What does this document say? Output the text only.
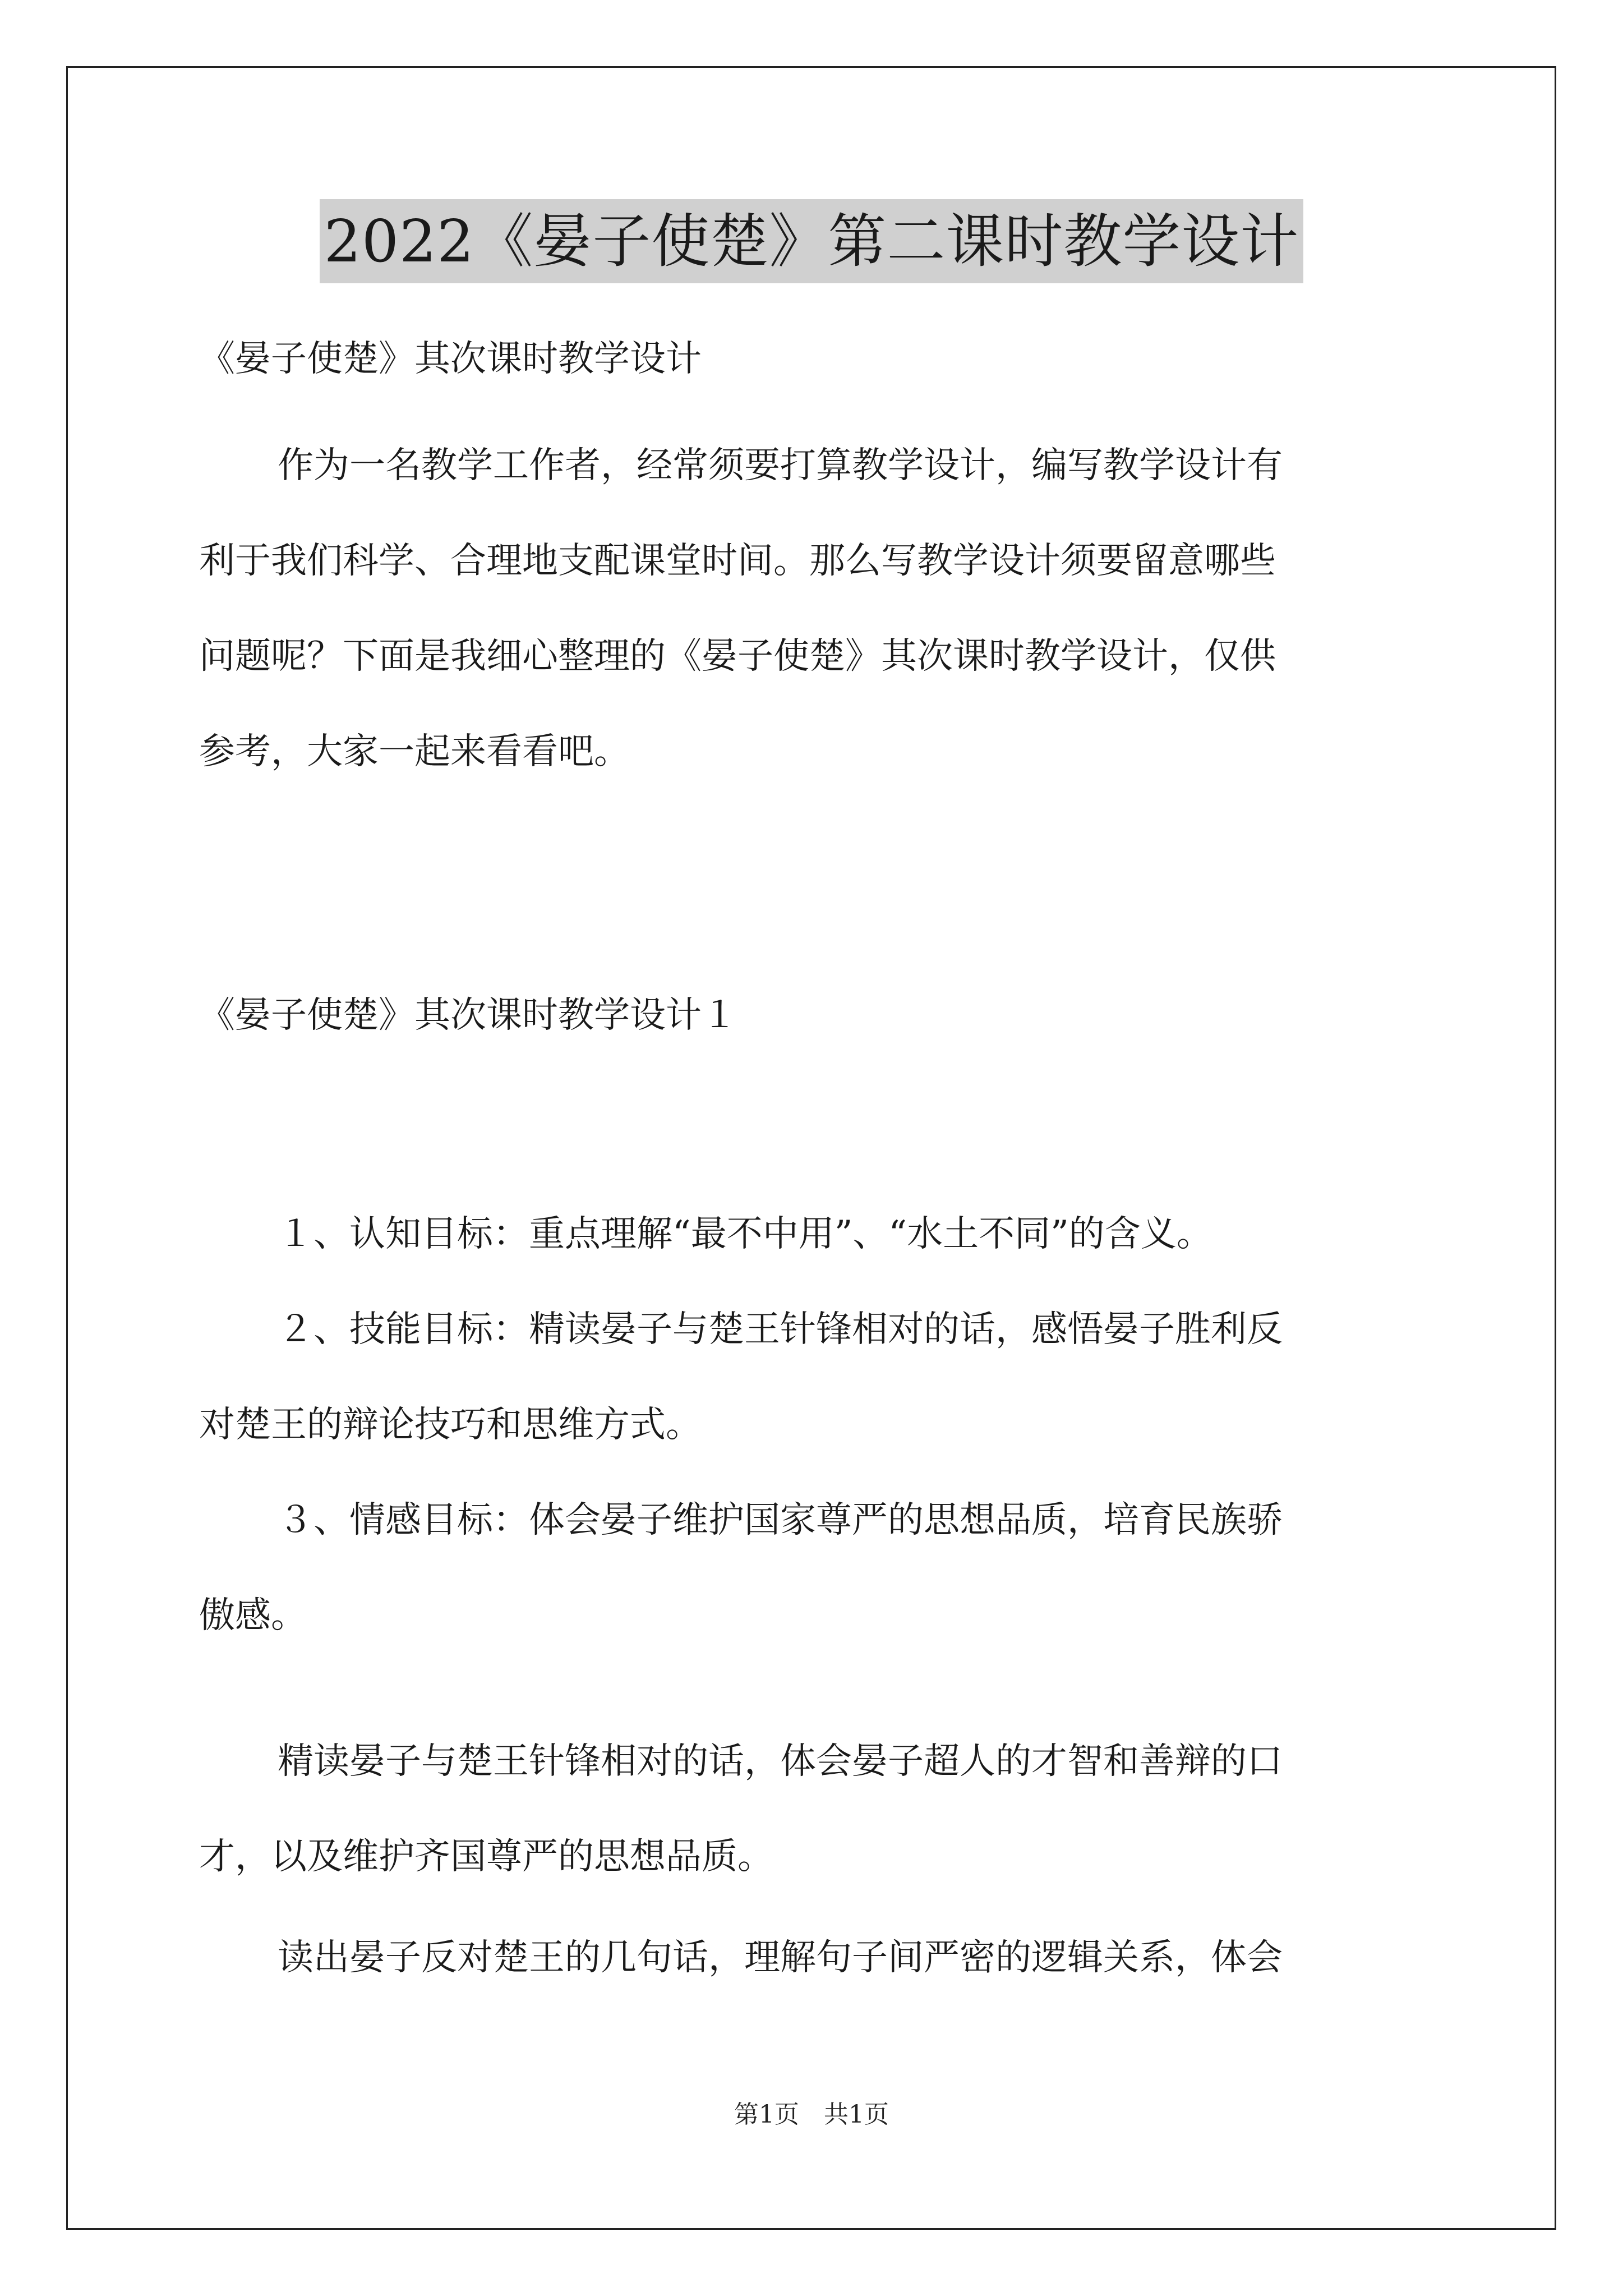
2022《晏子使楚》第二课时教学设计
《晏子使楚》其次课时教学设计
作为一名教学工作者，经常须要打算教学设计，编写教学设计有
利于我们科学、合理地支配课堂时间。那么写教学设计须要留意哪些
问题呢？下面是我细心整理的《晏子使楚》其次课时教学设计，仅供
参考，大家一起来看看吧。
《晏子使楚》其次课时教学设计１
１、认知目标：重点理解“最不中用”、“水土不同”的含义。
２、技能目标：精读晏子与楚王针锋相对的话，感悟晏子胜利反
对楚王的辩论技巧和思维方式。
３、情感目标：体会晏子维护国家尊严的思想品质，培育民族骄
傲感。
精读晏子与楚王针锋相对的话，体会晏子超人的才智和善辩的口
才，以及维护齐国尊严的思想品质。
读出晏子反对楚王的几句话，理解句子间严密的逻辑关系，体会
第1页　共1页
